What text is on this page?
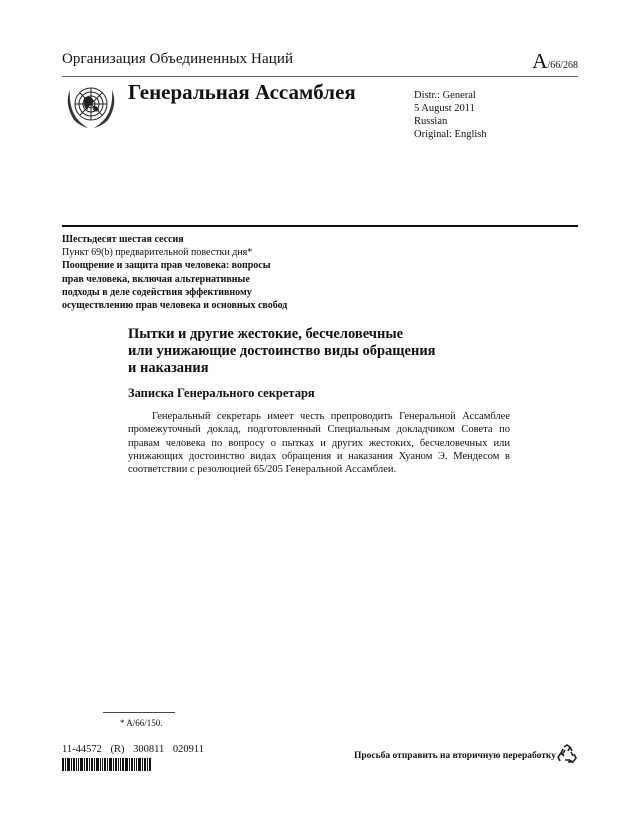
Организация Объединенных Наций	A/66/268
Генеральная Ассамблея	Distr.: General
5 August 2011
Russian
Original: English
Шестьдесят шестая сессия
Пункт 69(b) предварительной повестки дня*
Поощрение и защита прав человека: вопросы
прав человека, включая альтернативные
подходы в деле содействия эффективному
осуществлению прав человека и основных свобод
Пытки и другие жестокие, бесчеловечные
или унижающие достоинство виды обращения
и наказания
Записка Генерального секретаря
Генеральный секретарь имеет честь препроводить Генеральной Ассамблее промежуточный доклад, подготовленный Специальным докладчиком Совета по правам человека по вопросу о пытках и других жестоких, бесчеловечных или унижающих достоинство видах обращения и наказания Хуаном Э. Мендесом в соответствии с резолюцией 65/205 Генеральной Ассамблеи.
* A/66/150.
11-44572 (R) 300811 020911
Просьба отправить на вторичную переработку
